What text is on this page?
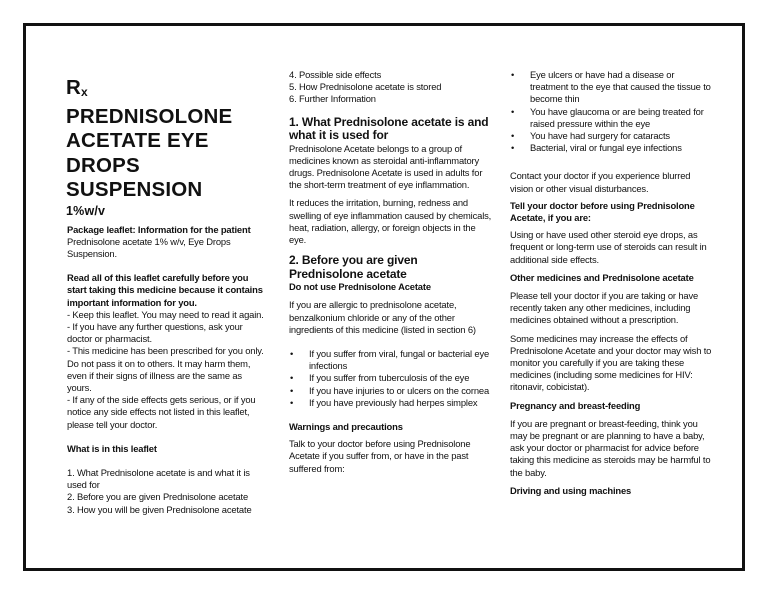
$R_x$
PREDNISOLONE
ACETATE EYE
DROPS
SUSPENSION
1%w/v

Package leaflet: Information for the patient

Prednisolone acetate 1% w/v, Eye Drops Suspension.

Read all of this leaflet carefully before you start taking this medicine because it contains important information for you.

- Keep this leaflet. You may need to read it again.

- If you have any further questions, ask your doctor or pharmacist.

- This medicine has been prescribed for you only. Do not pass it on to others. It may harm them, even if their signs of illness are the same as yours.

- If any of the side effects gets serious, or if you notice any side effects not listed in this leaflet, please tell your doctor.

What is in this leaflet

1. What Prednisolone acetate is and what it is used for

2. Before you are given Prednisolone acetate

3. How you will be given Prednisolone acetate

4. Possible side effects

5. How Prednisolone acetate is stored

6. Further Information

1. What Prednisolone acetate is and what it is used for

Prednisolone Acetate belongs to a group of medicines known as steroidal anti-inflammatory drugs. Prednisolone Acetate is used in adults for the short-term treatment of eye inflammation.

It reduces the irritation, burning, redness and swelling of eye inflammation caused by chemicals, heat, radiation, allergy, or foreign objects in the eye.

2. Before you are given Prednisolone acetate

Do not use Prednisolone Acetate

If you are allergic to prednisolone acetate, benzalkonium chloride or any of the other ingredients of this medicine (listed in section 6)

• If you suffer from viral, fungal or bacterial eye infections
• If you suffer from tuberculosis of the eye
• If you have injuries to or ulcers on the cornea
• If you have previously had herpes simplex

Warnings and precautions

Talk to your doctor before using Prednisolone Acetate if you suffer from, or have in the past suffered from:

• Eye ulcers or have had a disease or treatment to the eye that caused the tissue to become thin
• You have glaucoma or are being treated for raised pressure within the eye
• You have had surgery for cataracts
• Bacterial, viral or fungal eye infections

Contact your doctor if you experience blurred vision or other visual disturbances.

Tell your doctor before using Prednisolone Acetate, if you are:

Using or have used other steroid eye drops, as frequent or long-term use of steroids can result in additional side effects.

Other medicines and Prednisolone acetate

Please tell your doctor if you are taking or have recently taken any other medicines, including medicines obtained without a prescription.

Some medicines may increase the effects of Prednisolone Acetate and your doctor may wish to monitor you carefully if you are taking these medicines (including some medicines for HIV: ritonavir, cobicistat).

Pregnancy and breast-feeding

If you are pregnant or breast-feeding, think you may be pregnant or are planning to have a baby, ask your doctor or pharmacist for advice before taking this medicine as steroids may be harmful to the baby.

Driving and using machines
